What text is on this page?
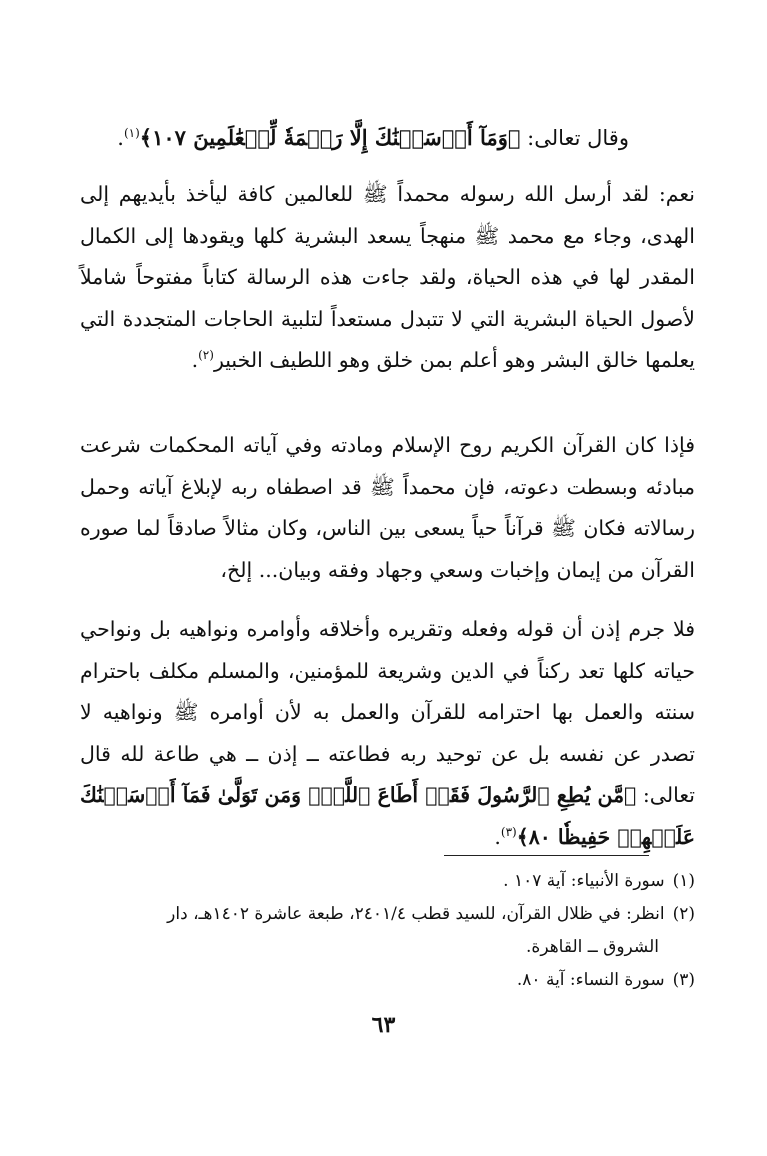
وقال تعالى: ﴿وَمَآ أَرۡسَلۡنَٰكَ إِلَّا رَحۡمَةٗ لِّلۡعَٰلَمِينَ ١٠٧﴾$^{(١)}$.

نعم: لقد أرسل الله رسوله محمداً ﷺ للعالمين كافة ليأخذ بأيديهم إلى الهدى، وجاء مع محمد ﷺ منهجاً يسعد البشرية كلها ويقودها إلى الكمال المقدر لها في هذه الحياة، ولقد جاءت هذه الرسالة كتاباً مفتوحاً شاملاً لأصول الحياة البشرية التي لا تتبدل مستعداً لتلبية الحاجات المتجددة التي يعلمها خالق البشر وهو أعلم بمن خلق وهو اللطيف الخبير$^{(٢)}$.

فإذا كان القرآن الكريم روح الإسلام ومادته وفي آياته المحكمات شرعت مبادئه وبسطت دعوته، فإن محمداً ﷺ قد اصطفاه ربه لإبلاغ آياته وحمل رسالاته فكان ﷺ قرآناً حياً يسعى بين الناس، وكان مثالاً صادقاً لما صوره القرآن من إيمان وإخبات وسعي وجهاد وفقه وبيان... إلخ،

فلا جرم إذن أن قوله وفعله وتقريره وأخلاقه وأوامره ونواهيه بل ونواحي حياته كلها تعد ركناً في الدين وشريعة للمؤمنين، والمسلم مكلف باحترام سنته والعمل بها احترامه للقرآن والعمل به لأن أوامره ﷺ ونواهيه لا تصدر عن نفسه بل عن توحيد ربه فطاعته ــ إذن ــ هي طاعة لله قال تعالى: ﴿مَّن يُطِعِ ٱلرَّسُولَ فَقَدۡ أَطَاعَ ٱللَّهَۖ وَمَن تَوَلَّىٰ فَمَآ أَرۡسَلۡنَٰكَ عَلَيۡهِمۡ حَفِيظٗا ٨٠﴾$^{(٣)}$.

(١)سورة الأنبياء: آية ١٠٧ .

(٢)انظر: في ظلال القرآن، للسيد قطب ٢٤٠١/٤، طبعة عاشرة ١٤٠٢هـ، دار

الشروق ــ القاهرة.

(٣)سورة النساء: آية ٨٠.

٦٣
